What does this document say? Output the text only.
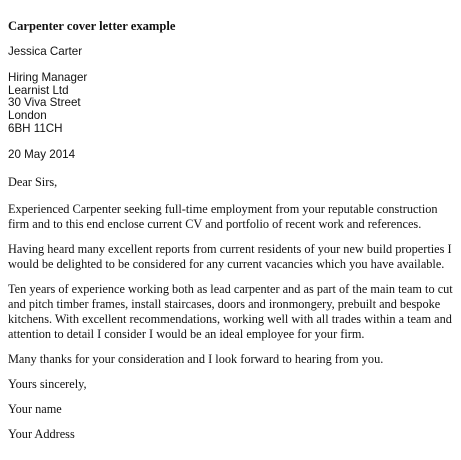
Carpenter cover letter example
Jessica Carter
Hiring Manager
Learnist Ltd
30 Viva Street
London
6BH 11CH
20 May 2014

Dear Sirs,

Experienced Carpenter seeking full-time employment from your reputable construction firm and to this end enclose current CV and portfolio of recent work and references.

Having heard many excellent reports from current residents of your new build properties I would be delighted to be considered for any current vacancies which you have available.

Ten years of experience working both as lead carpenter and as part of the main team to cut and pitch timber frames, install staircases, doors and ironmongery, prebuilt and bespoke kitchens. With excellent recommendations, working well with all trades within a team and attention to detail I consider I would be an ideal employee for your firm.

Many thanks for your consideration and I look forward to hearing from you.

Yours sincerely,

Your name

Your Address
